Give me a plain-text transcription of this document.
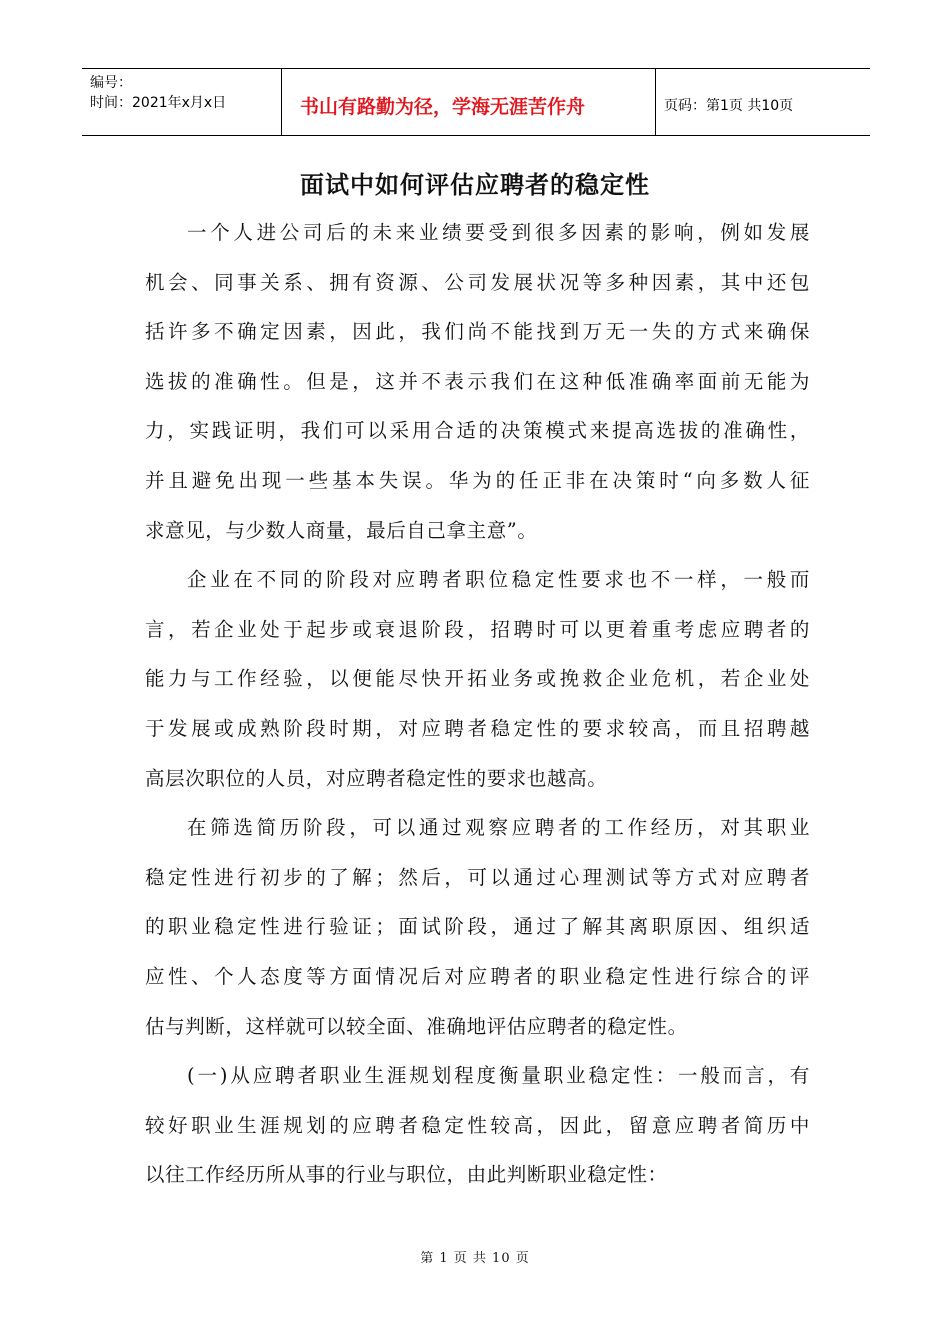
编号：
时间：2021年x月x日	书山有路勤为径，学海无涯苦作舟	页码：第1页 共10页
面试中如何评估应聘者的稳定性
一个人进公司后的未来业绩要受到很多因素的影响，例如发展
机会、同事关系、拥有资源、公司发展状况等多种因素，其中还包
括许多不确定因素，因此，我们尚不能找到万无一失的方式来确保
选拔的准确性。但是，这并不表示我们在这种低准确率面前无能为
力，实践证明，我们可以采用合适的决策模式来提高选拔的准确性，
并且避免出现一些基本失误。华为的任正非在决策时“向多数人征
求意见，与少数人商量，最后自己拿主意”。
企业在不同的阶段对应聘者职位稳定性要求也不一样，一般而
言，若企业处于起步或衰退阶段，招聘时可以更着重考虑应聘者的
能力与工作经验，以便能尽快开拓业务或挽救企业危机，若企业处
于发展或成熟阶段时期，对应聘者稳定性的要求较高，而且招聘越
高层次职位的人员，对应聘者稳定性的要求也越高。
在筛选简历阶段，可以通过观察应聘者的工作经历，对其职业
稳定性进行初步的了解；然后，可以通过心理测试等方式对应聘者
的职业稳定性进行验证；面试阶段，通过了解其离职原因、组织适
应性、个人态度等方面情况后对应聘者的职业稳定性进行综合的评
估与判断，这样就可以较全面、准确地评估应聘者的稳定性。
(一)从应聘者职业生涯规划程度衡量职业稳定性：一般而言，有
较好职业生涯规划的应聘者稳定性较高，因此，留意应聘者简历中
以往工作经历所从事的行业与职位，由此判断职业稳定性：
第 1 页 共 10 页
